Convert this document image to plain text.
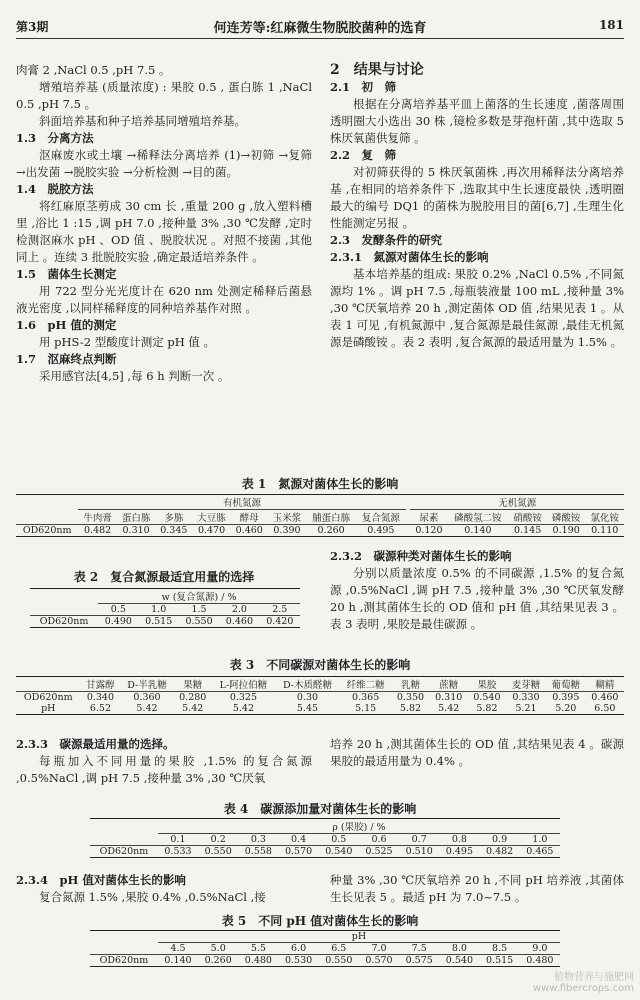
第3期	何连芳等:红麻微生物脱胶菌种的选育	181

肉膏 2 ,NaCl 0.5 ,pH 7.5 。

增殖培养基 (质量浓度) : 果胶 0.5 , 蛋白胨 1 ,NaCl 0.5 ,pH 7.5 。

斜面培养基和种子培养基同增殖培养基。

1.3　分离方法

沤麻废水或土壤 →稀释法分离培养 (1)→初筛 →复筛 →出发菌 →脱胶实验 →分析检测 →目的菌。

1.4　脱胶方法

将红麻原茎剪成 30 cm 长 ,重量 200 g ,放入塑料槽里 ,浴比 1 :15 ,调 pH 7.0 ,接种量 3% ,30 ℃发酵 ,定时检测沤麻水 pH 、OD 值 、脱胶状况 。对照不接菌 ,其他同上 。连续 3 批脱胶实验 ,确定最适培养条件 。

1.5　菌体生长测定

用 722 型分光光度计在 620 nm 处测定稀释后菌悬液光密度 ,以同样稀释度的同种培养基作对照 。

1.6　pH 值的测定

用 pHS-2 型酸度计测定 pH 值 。

1.7　沤麻终点判断

采用感官法[4,5] ,每 6 h 判断一次 。

2　结果与讨论

2.1　初　筛

根据在分离培养基平皿上菌落的生长速度 ,菌落周围透明圈大小选出 30 株 ,镜检多数是芽孢杆菌 ,其中选取 5 株厌氧菌供复筛 。

2.2　复　筛

对初筛获得的 5 株厌氧菌株 ,再次用稀释法分离培养基 ,在相同的培养条件下 ,选取其中生长速度最快 ,透明圈最大的编号 DQ1 的菌株为脱胶用目的菌[6,7] ,生理生化性能测定另报 。

2.3　发酵条件的研究

2.3.1　氮源对菌体生长的影响

基本培养基的组成: 果胶 0.2% ,NaCl 0.5% ,不同氮源均 1% 。调 pH 7.5 ,每瓶装液量 100 mL ,接种量 3% ,30 ℃厌氧培养 20 h ,测定菌体 OD 值 ,结果见表 1 。从表 1 可见 ,有机氮源中 ,复合氮源是最佳氮源 ,最佳无机氮源是磷酸铵 。表 2 表明 ,复合氮源的最适用量为 1.5% 。

表 1　氮源对菌体生长的影响
	有机氮源									无机氮源				
	牛肉膏	蛋白胨	多胨	大豆胨	酵母	玉米浆	脯蛋白胨	复合氮源		尿素	磷酸氢二铵	硝酸铵	磷酸铵	氯化铵
OD620nm	0.482	0.310	0.345	0.470	0.460	0.390	0.260	0.495		0.120	0.140	0.145	0.190	0.110
表 2　复合氮源最适宜用量的选择
	w (复合氮源) / %				
	0.5	1.0	1.5	2.0	2.5
OD620nm	0.490	0.515	0.550	0.460	0.420

2.3.2　碳源种类对菌体生长的影响

分别以质量浓度 0.5% 的不同碳源 ,1.5% 的复合氮源 ,0.5%NaCl ,调 pH 7.5 ,接种量 3% ,30 ℃厌氧发酵 20 h ,测其菌体生长的 OD 值和 pH 值 ,其结果见表 3 。表 3 表明 ,果胶是最佳碳源 。

表 3　不同碳源对菌体生长的影响
	甘露醇	D-半乳糖	果糖	L-阿拉伯糖	D-木质醛糖	纤维二糖	乳糖	蔗糖	果胶	麦芽糖	葡萄糖	糊精
OD620nm	0.340	0.360	0.280	0.325	0.30	0.365	0.350	0.310	0.540	0.330	0.395	0.460
pH	6.52	5.42	5.42	5.42	5.45	5.15	5.82	5.42	5.82	5.21	5.20	6.50

2.3.3　碳源最适用量的选择。

每瓶加入不同用量的果胶 ,1.5% 的复合氮源 ,0.5%NaCl ,调 pH 7.5 ,接种量 3% ,30 ℃厌氧

培养 20 h ,测其菌体生长的 OD 值 ,其结果见表 4 。碳源果胶的最适用量为 0.4% 。

表 4　碳源添加量对菌体生长的影响
	ρ (果胶) / %									
	0.1	0.2	0.3	0.4	0.5	0.6	0.7	0.8	0.9	1.0
OD620nm	0.533	0.550	0.558	0.570	0.540	0.525	0.510	0.495	0.482	0.465

2.3.4　pH 值对菌体生长的影响

复合氮源 1.5% ,果胶 0.4% ,0.5%NaCl ,接

种量 3% ,30 ℃厌氧培养 20 h ,不同 pH 培养液 ,其菌体生长见表 5 。最适 pH 为 7.0~7.5 。

表 5　不同 pH 值对菌体生长的影响
	pH									
	4.5	5.0	5.5	6.0	6.5	7.0	7.5	8.0	8.5	9.0
OD620nm	0.140	0.260	0.480	0.530	0.550	0.570	0.575	0.540	0.515	0.480
植物营养与施肥网
www.fibercrops.com
